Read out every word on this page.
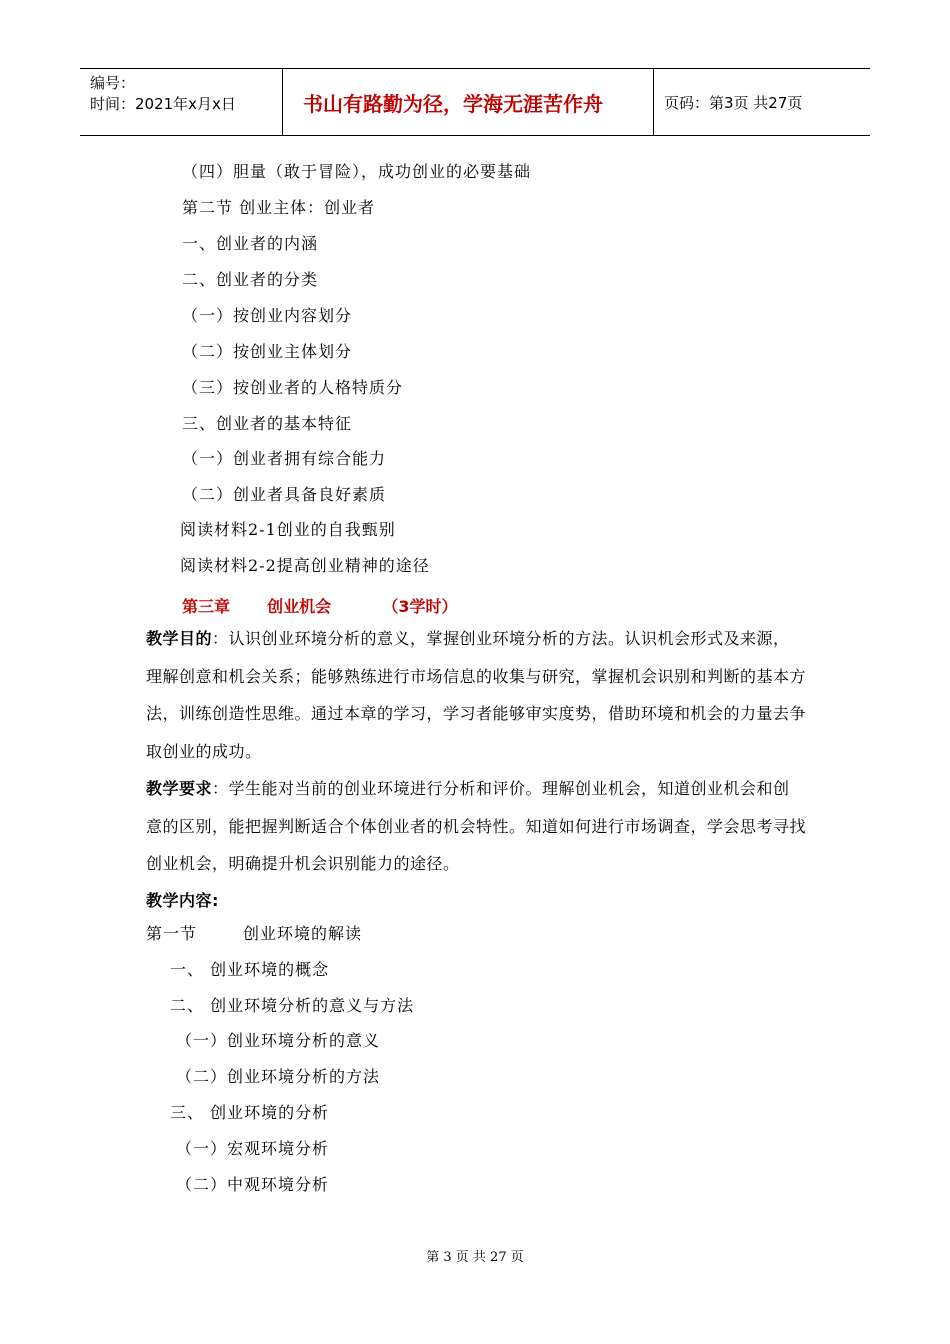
编号：
时间：2021年x月x日	书山有路勤为径，学海无涯苦作舟	页码：第3页 共27页
（四）胆量（敢于冒险），成功创业的必要基础
第二节 创业主体：创业者
一、创业者的内涵
二、创业者的分类
（一）按创业内容划分
（二）按创业主体划分
（三）按创业者的人格特质分
三、创业者的基本特征
（一）创业者拥有综合能力
（二）创业者具备良好素质
阅读材料2-1创业的自我甄别
阅读材料2-2提高创业精神的途径
第三章 创业机会	（3学时）
教学目的：认识创业环境分析的意义，掌握创业环境分析的方法。认识机会形式及来源，理解创意和机会关系；能够熟练进行市场信息的收集与研究，掌握机会识别和判断的基本方法，训练创造性思维。通过本章的学习，学习者能够审实度势，借助环境和机会的力量去争取创业的成功。
教学要求：学生能对当前的创业环境进行分析和评价。理解创业机会，知道创业机会和创意的区别，能把握判断适合个体创业者的机会特性。知道如何进行市场调查，学会思考寻找创业机会，明确提升机会识别能力的途径。
教学内容:
第一节	创业环境的解读
一、 创业环境的概念
二、 创业环境分析的意义与方法
（一）创业环境分析的意义
（二）创业环境分析的方法
三、 创业环境的分析
（一）宏观环境分析
（二）中观环境分析
第 3 页 共 27 页
